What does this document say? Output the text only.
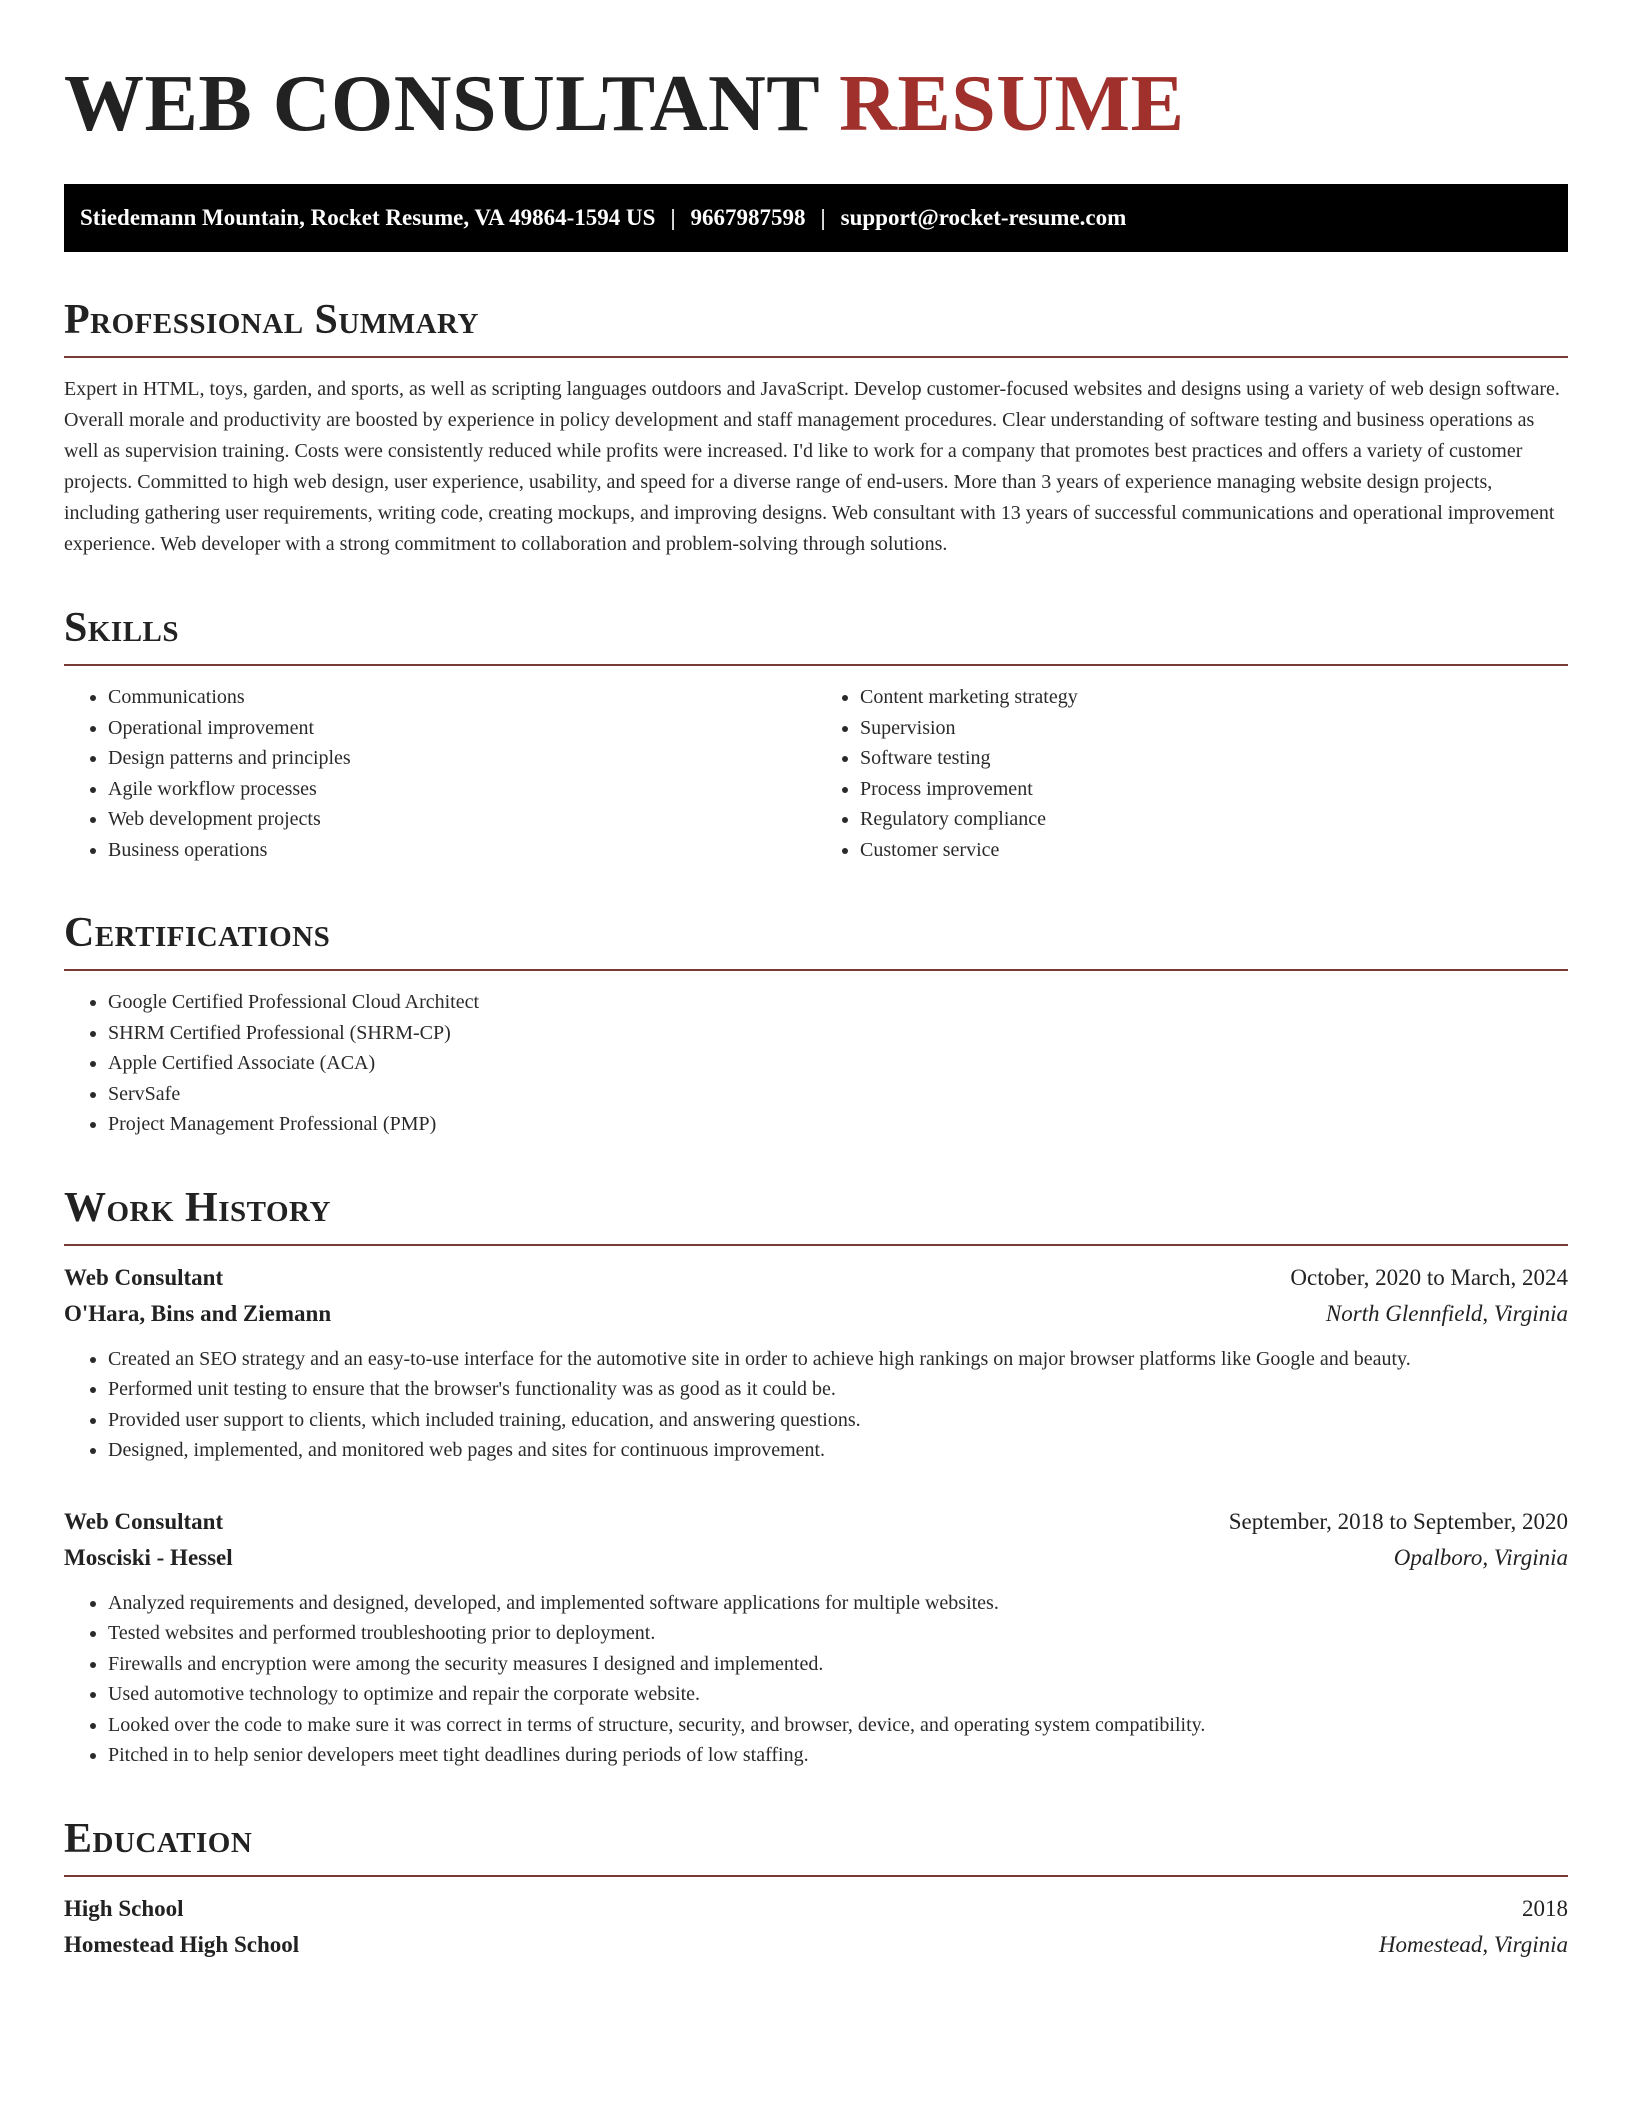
WEB CONSULTANT RESUME
Stiedemann Mountain, Rocket Resume, VA 49864-1594 US | 9667987598 | support@rocket-resume.com
Professional Summary

Expert in HTML, toys, garden, and sports, as well as scripting languages outdoors and JavaScript. Develop customer-focused websites and designs using a variety of web design software. Overall morale and productivity are boosted by experience in policy development and staff management procedures. Clear understanding of software testing and business operations as well as supervision training. Costs were consistently reduced while profits were increased. I'd like to work for a company that promotes best practices and offers a variety of customer projects. Committed to high web design, user experience, usability, and speed for a diverse range of end-users. More than 3 years of experience managing website design projects, including gathering user requirements, writing code, creating mockups, and improving designs. Web consultant with 13 years of successful communications and operational improvement experience. Web developer with a strong commitment to collaboration and problem-solving through solutions.

Skills
• Communications
• Operational improvement
• Design patterns and principles
• Agile workflow processes
• Web development projects
• Business operations
• Content marketing strategy
• Supervision
• Software testing
• Process improvement
• Regulatory compliance
• Customer service
Certifications
• Google Certified Professional Cloud Architect
• SHRM Certified Professional (SHRM-CP)
• Apple Certified Associate (ACA)
• ServSafe
• Project Management Professional (PMP)
Work History
Web Consultant	October, 2020 to March, 2024
O'Hara, Bins and Ziemann	North Glennfield, Virginia
• Created an SEO strategy and an easy-to-use interface for the automotive site in order to achieve high rankings on major browser platforms like Google and beauty.
• Performed unit testing to ensure that the browser's functionality was as good as it could be.
• Provided user support to clients, which included training, education, and answering questions.
• Designed, implemented, and monitored web pages and sites for continuous improvement.
Web Consultant	September, 2018 to September, 2020
Mosciski - Hessel	Opalboro, Virginia
• Analyzed requirements and designed, developed, and implemented software applications for multiple websites.
• Tested websites and performed troubleshooting prior to deployment.
• Firewalls and encryption were among the security measures I designed and implemented.
• Used automotive technology to optimize and repair the corporate website.
• Looked over the code to make sure it was correct in terms of structure, security, and browser, device, and operating system compatibility.
• Pitched in to help senior developers meet tight deadlines during periods of low staffing.
Education
High School	2018
Homestead High School	Homestead, Virginia
